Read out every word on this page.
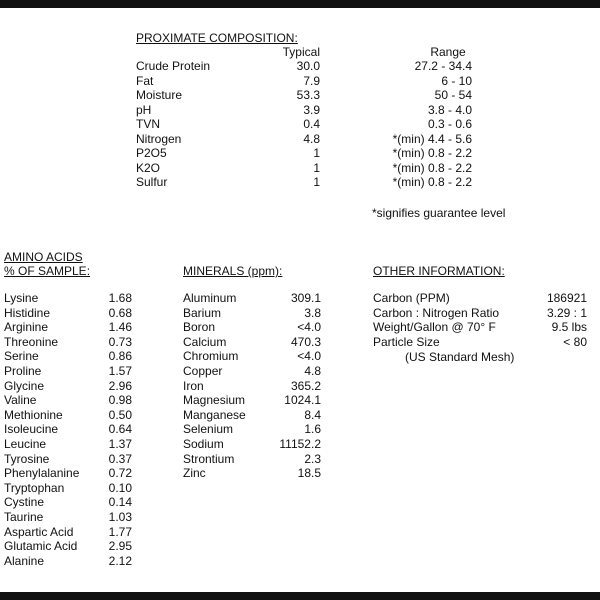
PROXIMATE COMPOSITION:
Typical	Range
Crude Protein	30.0	27.2 - 34.4
Fat	7.9	6 - 10
Moisture	53.3	50 - 54
pH	3.9	3.8 - 4.0
TVN	0.4	0.3 - 0.6
Nitrogen	4.8	*(min) 4.4 - 5.6
P2O5	1	*(min) 0.8 - 2.2
K2O	1	*(min) 0.8 - 2.2
Sulfur	1	*(min) 0.8 - 2.2
*signifies guarantee level
AMINO ACIDS
% OF SAMPLE:
Lysine	1.68
Histidine	0.68
Arginine	1.46
Threonine	0.73
Serine	0.86
Proline	1.57
Glycine	2.96
Valine	0.98
Methionine	0.50
Isoleucine	0.64
Leucine	1.37
Tyrosine	0.37
Phenylalanine	0.72
Tryptophan	0.10
Cystine	0.14
Taurine	1.03
Aspartic Acid	1.77
Glutamic Acid	2.95
Alanine	2.12
MINERALS (ppm):
Aluminum	309.1
Barium	3.8
Boron	<4.0
Calcium	470.3
Chromium	<4.0
Copper	4.8
Iron	365.2
Magnesium	1024.1
Manganese	8.4
Selenium	1.6
Sodium	11152.2
Strontium	2.3
Zinc	18.5
OTHER INFORMATION:
Carbon (PPM)	186921
Carbon : Nitrogen Ratio	3.29 : 1
Weight/Gallon @ 70° F	9.5 lbs
Particle Size	< 80
(US Standard Mesh)
